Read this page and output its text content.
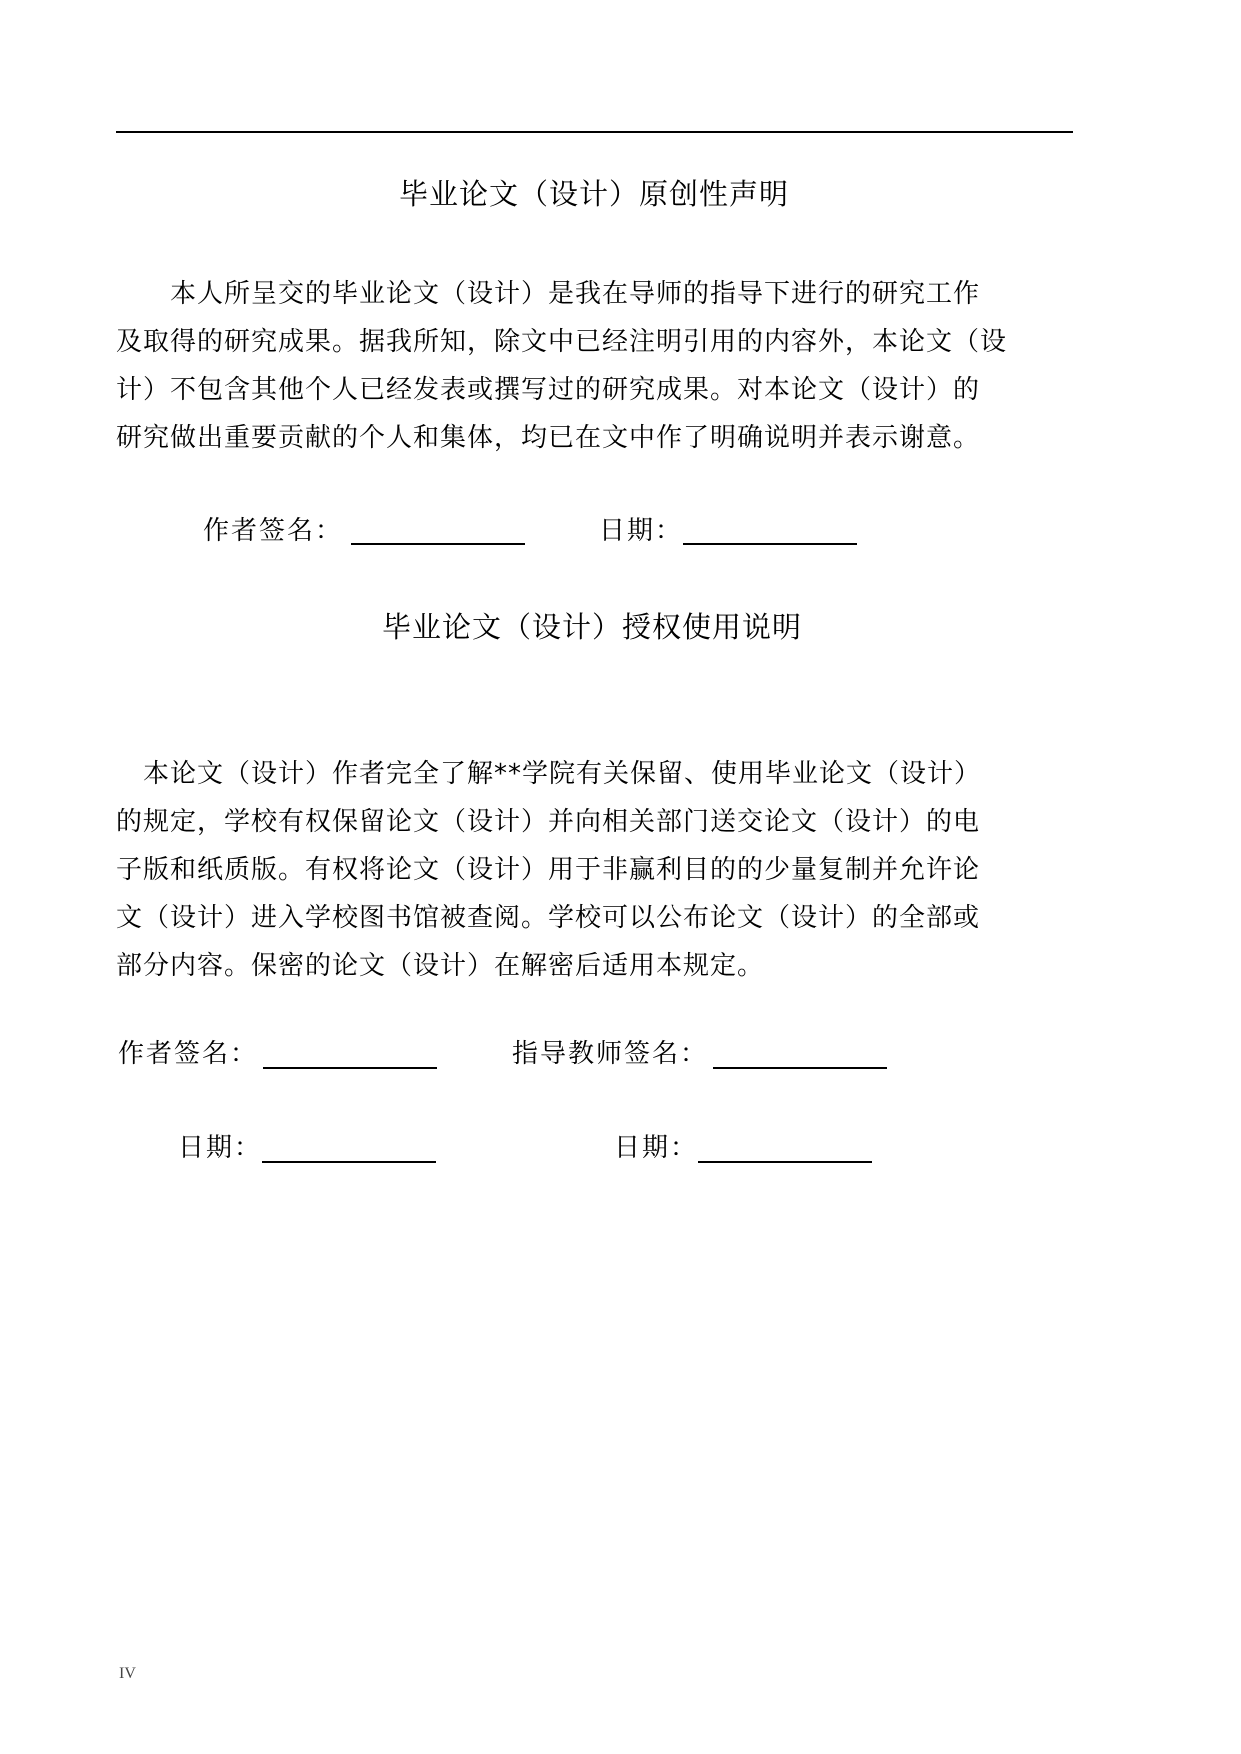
毕业论文（设计）原创性声明
　　本人所呈交的毕业论文（设计）是我在导师的指导下进行的研究工作
及取得的研究成果。据我所知，除文中已经注明引用的内容外，本论文（设
计）不包含其他个人已经发表或撰写过的研究成果。对本论文（设计）的
研究做出重要贡献的个人和集体，均已在文中作了明确说明并表示谢意。
作者签名：	日期：
毕业论文（设计）授权使用说明
　本论文（设计）作者完全了解**学院有关保留、使用毕业论文（设计）
的规定，学校有权保留论文（设计）并向相关部门送交论文（设计）的电
子版和纸质版。有权将论文（设计）用于非赢利目的的少量复制并允许论
文（设计）进入学校图书馆被查阅。学校可以公布论文（设计）的全部或
部分内容。保密的论文（设计）在解密后适用本规定。
作者签名：	指导教师签名：
日期：	日期：
IV
